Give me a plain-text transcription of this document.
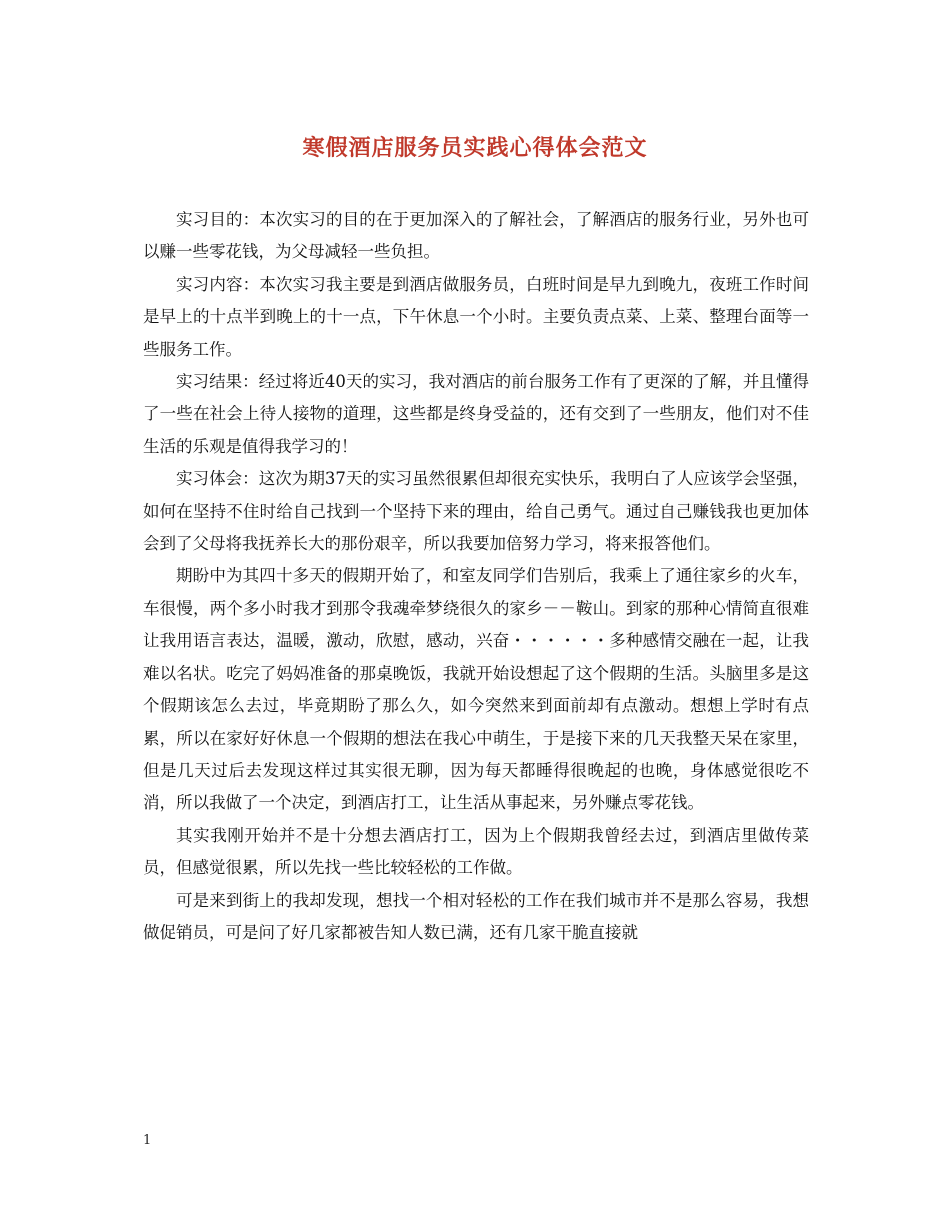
寒假酒店服务员实践心得体会范文

实习目的：本次实习的目的在于更加深入的了解社会，了解酒店的服务行业，另外也可以赚一些零花钱，为父母减轻一些负担。

实习内容：本次实习我主要是到酒店做服务员，白班时间是早九到晚九，夜班工作时间是早上的十点半到晚上的十一点，下午休息一个小时。主要负责点菜、上菜、整理台面等一些服务工作。

实习结果：经过将近40天的实习，我对酒店的前台服务工作有了更深的了解，并且懂得了一些在社会上待人接物的道理，这些都是终身受益的，还有交到了一些朋友，他们对不佳生活的乐观是值得我学习的！

实习体会：这次为期37天的实习虽然很累但却很充实快乐，我明白了人应该学会坚强，如何在坚持不住时给自己找到一个坚持下来的理由，给自己勇气。通过自己赚钱我也更加体会到了父母将我抚养长大的那份艰辛，所以我要加倍努力学习，将来报答他们。

期盼中为其四十多天的假期开始了，和室友同学们告别后，我乘上了通往家乡的火车，车很慢，两个多小时我才到那令我魂牵梦绕很久的家乡－－鞍山。到家的那种心情简直很难让我用语言表达，温暖，激动，欣慰，感动，兴奋・・・・・・多种感情交融在一起，让我难以名状。吃完了妈妈准备的那桌晚饭，我就开始设想起了这个假期的生活。头脑里多是这个假期该怎么去过，毕竟期盼了那么久，如今突然来到面前却有点激动。想想上学时有点累，所以在家好好休息一个假期的想法在我心中萌生，于是接下来的几天我整天呆在家里，但是几天过后去发现这样过其实很无聊，因为每天都睡得很晚起的也晚，身体感觉很吃不消，所以我做了一个决定，到酒店打工，让生活从事起来，另外赚点零花钱。

其实我刚开始并不是十分想去酒店打工，因为上个假期我曾经去过，到酒店里做传菜员，但感觉很累，所以先找一些比较轻松的工作做。

可是来到街上的我却发现，想找一个相对轻松的工作在我们城市并不是那么容易，我想做促销员，可是问了好几家都被告知人数已满，还有几家干脆直接就

1
